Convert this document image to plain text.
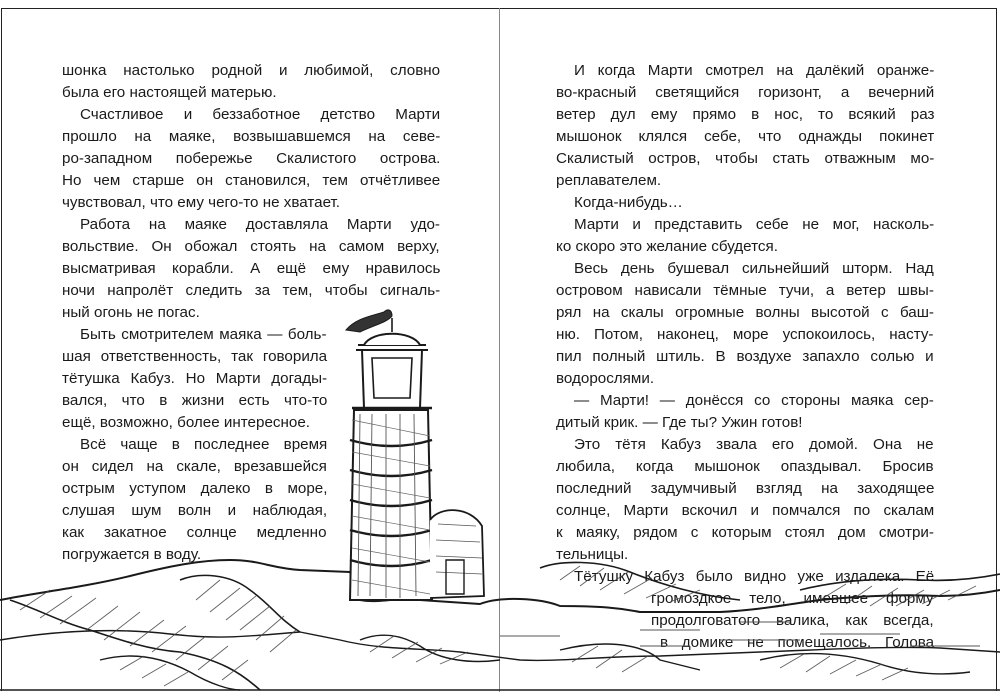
шонка настолько родной и любимой, словно
была его настоящей матерью.
Счастливое и беззаботное детство Марти
прошло на маяке, возвышавшемся на севе-
ро-западном побережье Скалистого острова.
Но чем старше он становился, тем отчётливее
чувствовал, что ему чего-то не хватает.
Работа на маяке доставляла Марти удо-
вольствие. Он обожал стоять на самом верху,
высматривая корабли. А ещё ему нравилось
ночи напролёт следить за тем, чтобы сигналь-
ный огонь не погас.
Быть смотрителем маяка — боль-
шая ответственность, так говорила
тётушка Кабуз. Но Марти догады-
вался, что в жизни есть что-то
ещё, возможно, более интересное.
Всё чаще в последнее время
он сидел на скале, врезавшейся
острым уступом далеко в море,
слушая шум волн и наблюдая,
как закатное солнце медленно
погружается в воду.
И когда Марти смотрел на далёкий оранже-
во-красный светящийся горизонт, а вечерний
ветер дул ему прямо в нос, то всякий раз
мышонок клялся себе, что однажды покинет
Скалистый остров, чтобы стать отважным мо-
реплавателем.
Когда-нибудь…
Марти и представить себе не мог, насколь-
ко скоро это желание сбудется.
Весь день бушевал сильнейший шторм. Над
островом нависали тёмные тучи, а ветер швы-
рял на скалы огромные волны высотой с баш-
ню. Потом, наконец, море успокоилось, насту-
пил полный штиль. В воздухе запахло солью и
водорослями.
— Марти! — донёсся со стороны маяка сер-
дитый крик. — Где ты? Ужин готов!
Это тётя Кабуз звала его домой. Она не
любила, когда мышонок опаздывал. Бросив
последний задумчивый взгляд на заходящее
солнце, Марти вскочил и помчался по скалам
к маяку, рядом с которым стоял дом смотри-
тельницы.
Тётушку Кабуз было видно уже издалека. Её
громоздкое тело, имевшее форму
продолговатого валика, как всегда,
в домике не помещалось. Голова
